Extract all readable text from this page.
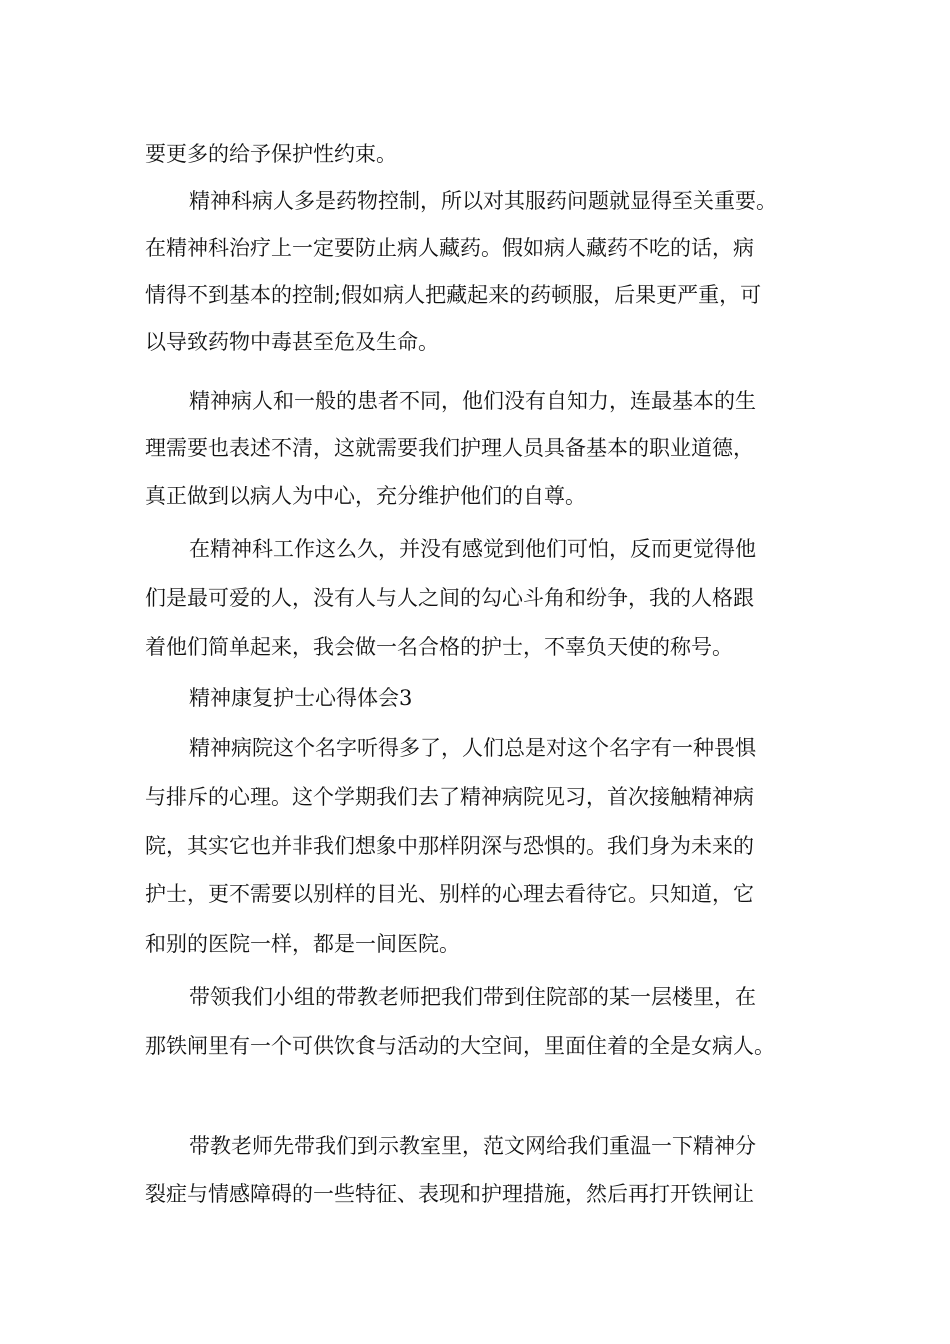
要更多的给予保护性约束。
精神科病人多是药物控制，所以对其服药问题就显得至关重要。
在精神科治疗上一定要防止病人藏药。假如病人藏药不吃的话，病
情得不到基本的控制;假如病人把藏起来的药顿服，后果更严重，可
以导致药物中毒甚至危及生命。
精神病人和一般的患者不同，他们没有自知力，连最基本的生
理需要也表述不清，这就需要我们护理人员具备基本的职业道德，
真正做到以病人为中心，充分维护他们的自尊。
在精神科工作这么久，并没有感觉到他们可怕，反而更觉得他
们是最可爱的人，没有人与人之间的勾心斗角和纷争，我的人格跟
着他们简单起来，我会做一名合格的护士，不辜负天使的称号。
精神康复护士心得体会3
精神病院这个名字听得多了，人们总是对这个名字有一种畏惧
与排斥的心理。这个学期我们去了精神病院见习，首次接触精神病
院，其实它也并非我们想象中那样阴深与恐惧的。我们身为未来的
护士，更不需要以别样的目光、别样的心理去看待它。只知道，它
和别的医院一样，都是一间医院。
带领我们小组的带教老师把我们带到住院部的某一层楼里，在
那铁闸里有一个可供饮食与活动的大空间，里面住着的全是女病人。
带教老师先带我们到示教室里，范文网给我们重温一下精神分
裂症与情感障碍的一些特征、表现和护理措施，然后再打开铁闸让
